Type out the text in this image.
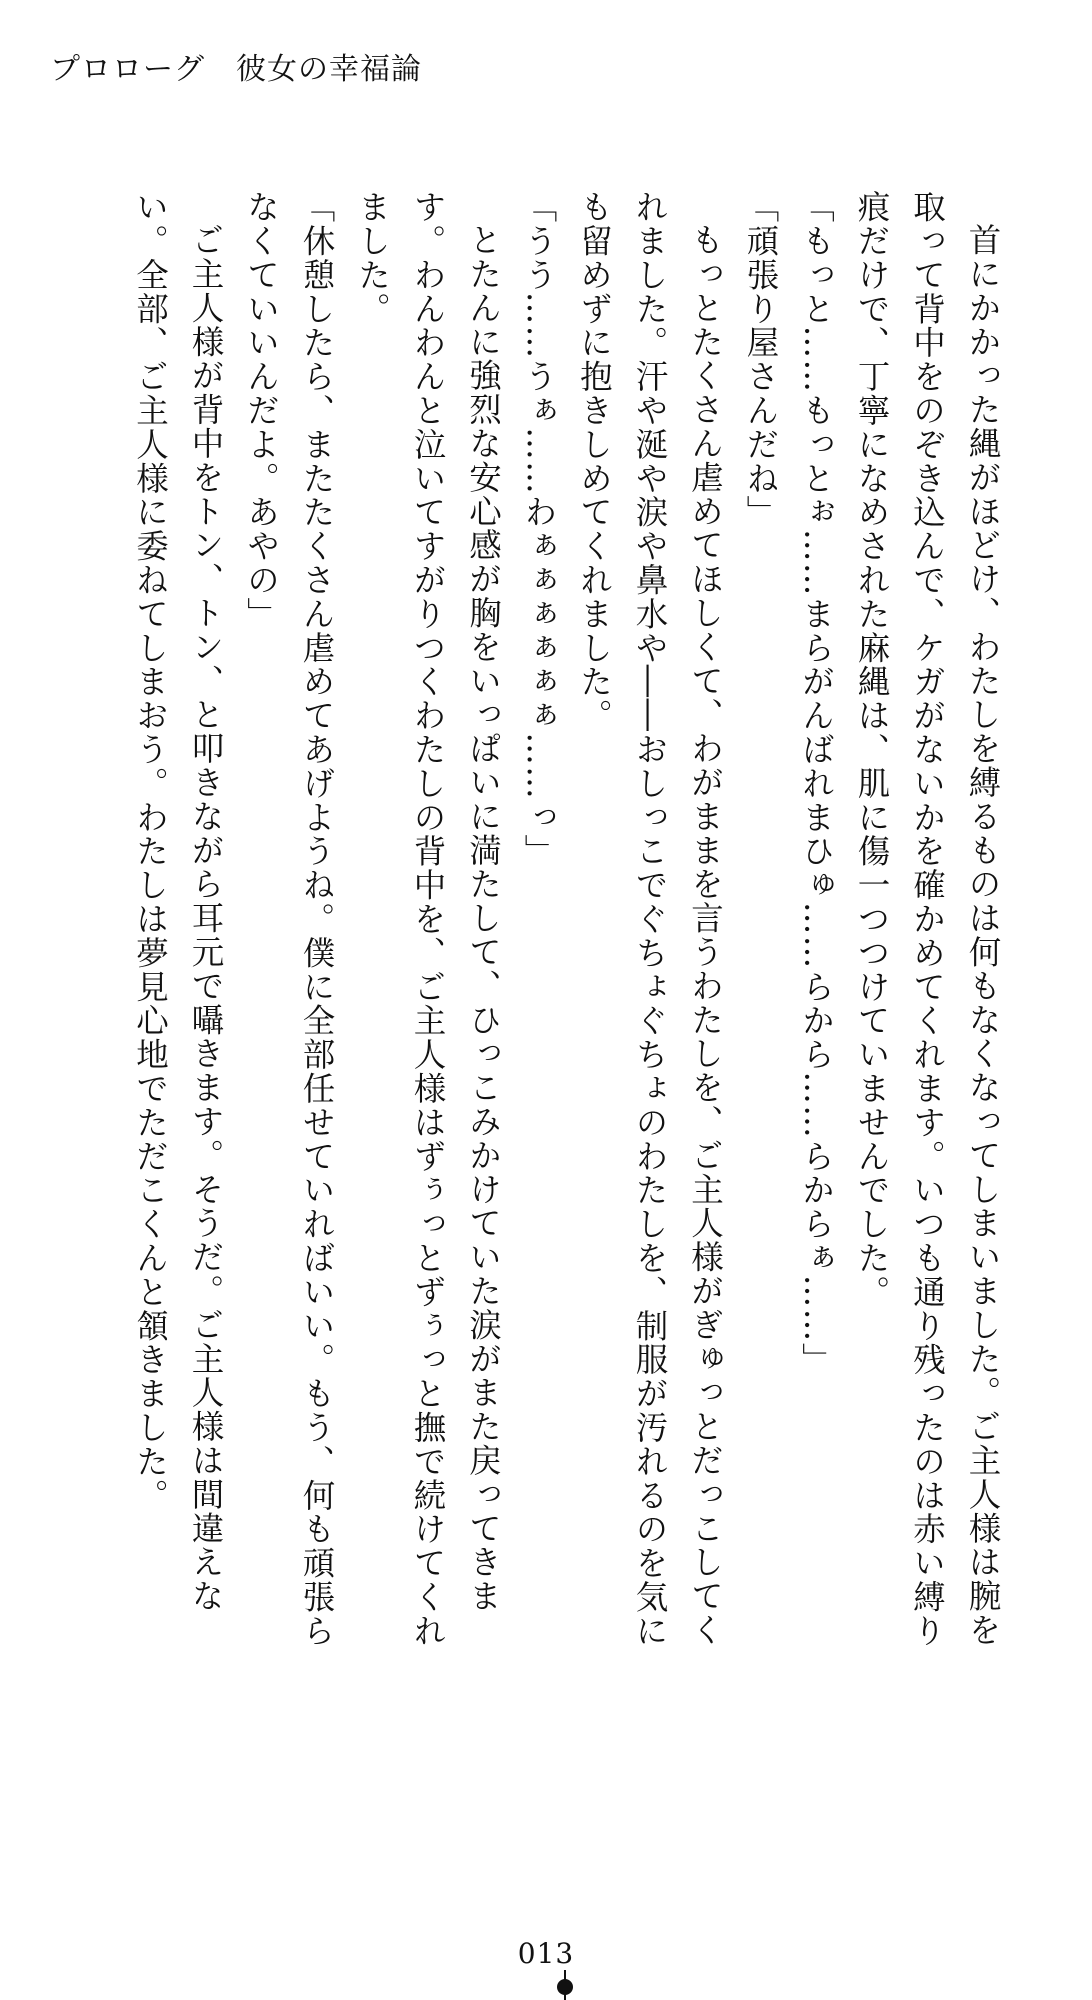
プロローグ　彼女の幸福論

首にかかった縄がほどけ、わたしを縛るものは何もなくなってしまいました。ご主人様は腕を取って背中をのぞき込んで、ケガがないかを確かめてくれます。いつも通り残ったのは赤い縛り痕だけで、丁寧になめされた麻縄は、肌に傷一つつけていませんでした。

「もっと……もっとぉ……まらがんばれまひゅ……らから……らからぁ……」

「頑張り屋さんだね」

もっとたくさん虐めてほしくて、わがままを言うわたしを、ご主人様がぎゅっとだっこしてくれました。汗や涎や涙や鼻水や――おしっこでぐちょぐちょのわたしを、制服が汚れるのを気にも留めずに抱きしめてくれました。

「うう……うぁ……わぁぁぁぁぁぁ……っ」

とたんに強烈な安心感が胸をいっぱいに満たして、ひっこみかけていた涙がまた戻ってきます。わんわんと泣いてすがりつくわたしの背中を、ご主人様はずぅっとずぅっと撫で続けてくれました。

「休憩したら、またたくさん虐めてあげようね。僕に全部任せていればいい。もう、何も頑張らなくていいんだよ。あやの」

ご主人様が背中をトン、トン、と叩きながら耳元で囁きます。そうだ。ご主人様は間違えない。全部、ご主人様に委ねてしまおう。わたしは夢見心地でただこくんと頷きました。

013
